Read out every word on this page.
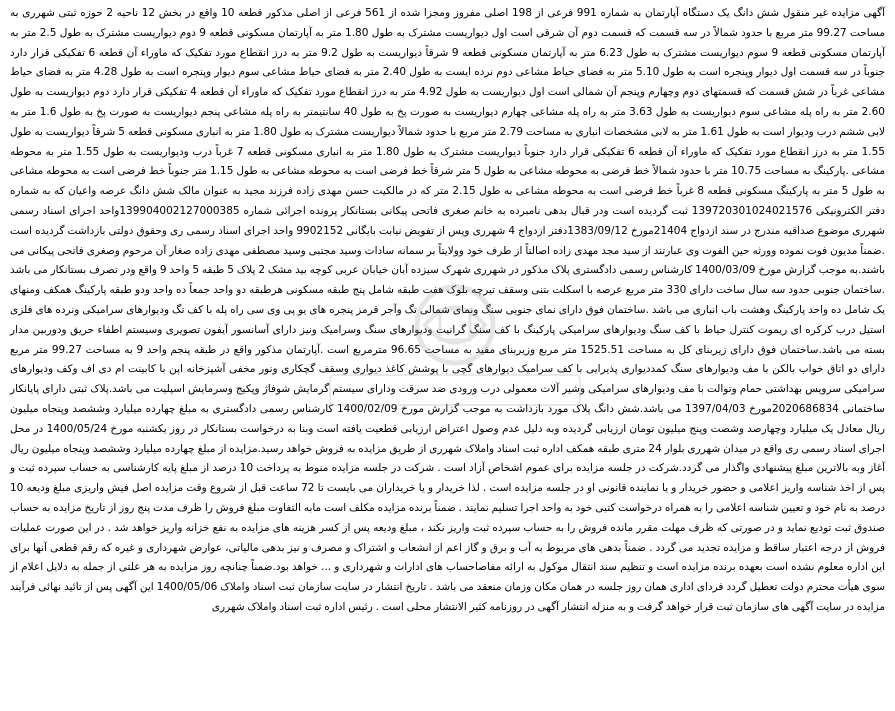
آگهی مزایده غیر منقول شش دانگ یک دستگاه آپارتمان به شماره 991 فرعی از 198 اصلی مفروز ومجزا شده از 561 فرعی از اصلی مذکور قطعه 10 واقع در بخش 12 ناحیه 2 حوزه ثبتی شهرری به مساحت 99.27 متر مربع با حدود شمالاً در سه قسمت که قسمت دوم آن شرقی است اول دیواریست مشترک به طول 1.80 متر به آپارتمان مسکونی قطعه 9 دوم دیواریست مشترک به طول 2.5 متر به آپارتمان مسکونی قطعه 9 سوم دیواریست مشترک به طول 6.23 متر به آپارتمان مسکونی قطعه 9 شرقاً دیواریست به طول 9.2 متر به درز انقطاع مورد تفکیک که ماوراء آن قطعه 6 تفکیکی قرار دارد جنوباً در سه قسمت اول دیوار وپنجره است به طول 5.10 متر به فضای حیاط مشاعی دوم نرده ایست به طول 2.40 متر به فضای حیاط مشاعی سوم دیوار وپنجره است به طول 4.28 متر به فضای حیاط مشاعی غرباً در شش قسمت که قسمتهای دوم وچهارم وپنجم آن شمالی است اول دیواریست به طول 4.92 متر به درز انقطاع مورد تفکیک که ماوراء آن قطعه 4 تفکیکی قرار دارد دوم دیواریست به طول 2.60 متر به راه پله مشاعی سوم دیواریست به طول 3.63 متر به راه پله مشاعی چهارم دیواریست به صورت پخ به طول 40 سانتیمتر به راه پله مشاعی پنجم دیواریست به صورت پخ به طول 1.6 متر به لابی ششم درب ودیوار است به طول 1.61 متر به لابی مشخصات انباری به مساحت 2.79 متر مربع با حدود شمالاً دیواریست مشترک به طول 1.80 متر به انباری مسکونی قطعه 5 شرقاً دیواریست به طول 1.55 متر به درز انقطاع مورد تفکیک که ماوراء آن قطعه 6 تفکیکی قرار دارد جنوباً دیواریست مشترک به طول 1.80 متر به انباری مسکونی قطعه 7 غرباً درب ودیواریست به طول 1.55 متر به محوطه مشاعی .پارکینگ به مساحت 10.75 متر با حدود شمالاً خط فرضی به محوطه مشاعی به طول 5 متر شرقاً خط فرضی است به محوطه مشاعی به طول 1.15 متر جنوباً خط فرضی است به محوطه مشاعی به طول 5 متر به پارکینگ مسکونی قطعه 8 غرباً خط فرضی است به محوطه مشاعی به طول 2.15 متر که در مالکیت حسن مهدی زاده فرزند مجید به عنوان مالک شش دانگ عرصه واعیان که به شماره دفتر الکترونیکی 139720301024021576 ثبت گردیده است ودر قبال بدهی نامبرده به خانم صغری فاتحی پیکانی بستانکار پرونده اجرائی شماره 139904002127000385واحد اجرای اسناد رسمی شهرری موضوع صداقیه مندرج در سند ازدواج 21404مورخ 1383/09/12دفتر ازدواج 4 شهرری وپس از تفویض نیابت بایگانی 9902152 واحد اجرای اسناد رسمی ری وحقوق دولتی بازداشت گردیده است .ضمناً مدیون فوت نموده وورثه حین الفوت وی عبارتند از سید مجد مهدی زاده اصالتاً از طرف خود وولایتاً بر سمانه سادات وسید مجتبی وسید مصطفی مهدی زاده صغار آن مرحوم وصغری فاتحی پیکانی می باشند.به موجب گزارش مورخ 1400/03/09 کارشناس رسمی دادگستری پلاک مذکور در شهرری شهرک سیزده آبان خیابان عربی کوچه بید مشک 2 پلاک 5 طبقه 5 واحد 9 واقع ودر تصرف بستانکار می باشد .ساختمان جنوبی حدود سه سال ساخت دارای 330 متر مربع عرصه با اسکلت بتنی وسقف تیرچه بلوک هفت طبقه شامل پنج طبقه مسکونی هرطبقه دو واحد جمعاً ده واحد ودو طبقه پارکینگ همکف ومنهای یک شامل ده واحد پارکینگ وهشت باب انباری می باشد .ساختمان فوق دارای نمای جنوبی سنگ ونمای شمالی تگ وآجر قرمز پنجره های یو پی وی سی راه پله با کف تگ ودیوارهای سرامیکی ونرده های فلزی استیل درب کرکره ای ریموت کنترل حیاط با کف سنگ ودیوارهای سرامیکی پارکینگ با کف سنگ گرانیت ودیوارهای سنگ وسرامیک ونیز دارای آسانسور آیفون تصویری وسیستم اطفاء حریق ودوربین مدار بسته می باشد.ساختمان فوق دارای زیربنای کل به مساحت 1525.51 متر مربع وزیربنای مفید به مساحت 96.65 مترمربع است .آپارتمان مذکور واقع در طبقه پنجم واحد 9 به مساحت 99.27 متر مربع دارای دو اتاق خواب بالکن با مف ودیوارهای سنگ کمددیواری پذیرایی با کف سرامیک دیوارهای گچی با پوشش کاغذ دیواری وسقف گچکاری ونور مخفی آشپزخانه اپن با کابینت ام دی اف وکف ودیوارهای سرامیکی سرویس بهداشتی حمام وتوالت با مف ودیوارهای سرامیکی وشیر آلات معمولی درب ورودی ضد سرقت ودارای سیستم گرمایش شوفاژ وپکیج وسرمایش اسپلیت می باشد.پلاک ثبتی دارای پایانکار ساختمانی 2020686834مورخ 1397/04/03 می باشد.شش دانگ پلاک مورد بازداشت به موجب گزارش مورخ 1400/02/09 کارشناس رسمی دادگستری به مبلغ چهارده میلیارد وششصد وپنجاه میلیون ریال معادل یک میلیارد وچهارصد وشصت وپنج میلیون تومان ارزیابی گردیده وبه دلیل عدم وصول اعتراض ارزیابی قطعیت یافته است وبنا به درخواست بستانکار در روز یکشنبه مورخ 1400/05/24 در محل اجرای اسناد رسمی ری واقع در میدان شهرری بلوار 24 متری طبقه همکف اداره ثبت اسناد واملاک شهرری از طریق مزایده به فروش خواهد رسید.مزایده از مبلغ چهارده میلیارد وششصد وپنجاه میلیون ریال آغاز وبه بالاترین مبلغ پیشنهادی واگذار می گردد.شرکت در جلسه مزایده برای عموم اشخاص آزاد است . شرکت در جلسه مزایده منوط به پرداخت 10 درصد از مبلغ پایه کارشناسی به حساب سپرده ثبت و پس از اخذ شناسه واریز اعلامی و حضور خریدار و یا نماینده قانونی او در جلسه مزایده است . لذا خریدار و یا خریداران می بایست تا 72 ساعت قبل از شروع وقت مزایده اصل فیش واریزی مبلغ ودیعه 10 درصد به نام خود و تعیین شناسه اعلامی را به همراه درخواست کتبی خود به واحد اجرا تسلیم نمایند . ضمناً برنده مزایده مکلف است مابه التفاوت مبلغ فروش را ظرف مدت پنج روز از تاریخ مزایده به حساب صندوق ثبت تودیع نماید و در صورتی که ظرف مهلت مقرر مانده فروش را به حساب سپرده ثبت واریز نکند ، مبلغ ودیعه پس از کسر هزینه های مزایده به نفع خزانه واریز خواهد شد . در این صورت عملیات فروش از درجه اعتبار ساقط و مزایده تجدید می گردد . ضمناً بدهی های مربوط به آب و برق و گاز اعم از انشعاب و اشتراک و مصرف و نیز بدهی مالیاتی، عوارض شهرداری و غیره که رقم قطعی آنها برای این اداره معلوم نشده است بعهده برنده مزایده است و تنظیم سند انتقال موکول به ارائه مفاصاحساب های ادارات و شهرداری و ... خواهد بود.ضمناً چنانچه روز مزایده به هر علتی از جمله به دلایل اعلام از سوی هیأت محترم دولت تعطیل گردد فردای اداری همان روز جلسه در همان مکان وزمان منعقد می باشد . تاریخ انتشار در سایت سازمان ثبت اسناد واملاک 1400/05/06 این آگهی پس از تائید نهائی فرآیند مزایده در سایت آگهی های سازمان ثبت قرار خواهد گرفت و به منزله انتشار آگهی در روزنامه کثیر الانتشار محلی است . رئیس اداره ثبت اسناد واملاک شهرری
